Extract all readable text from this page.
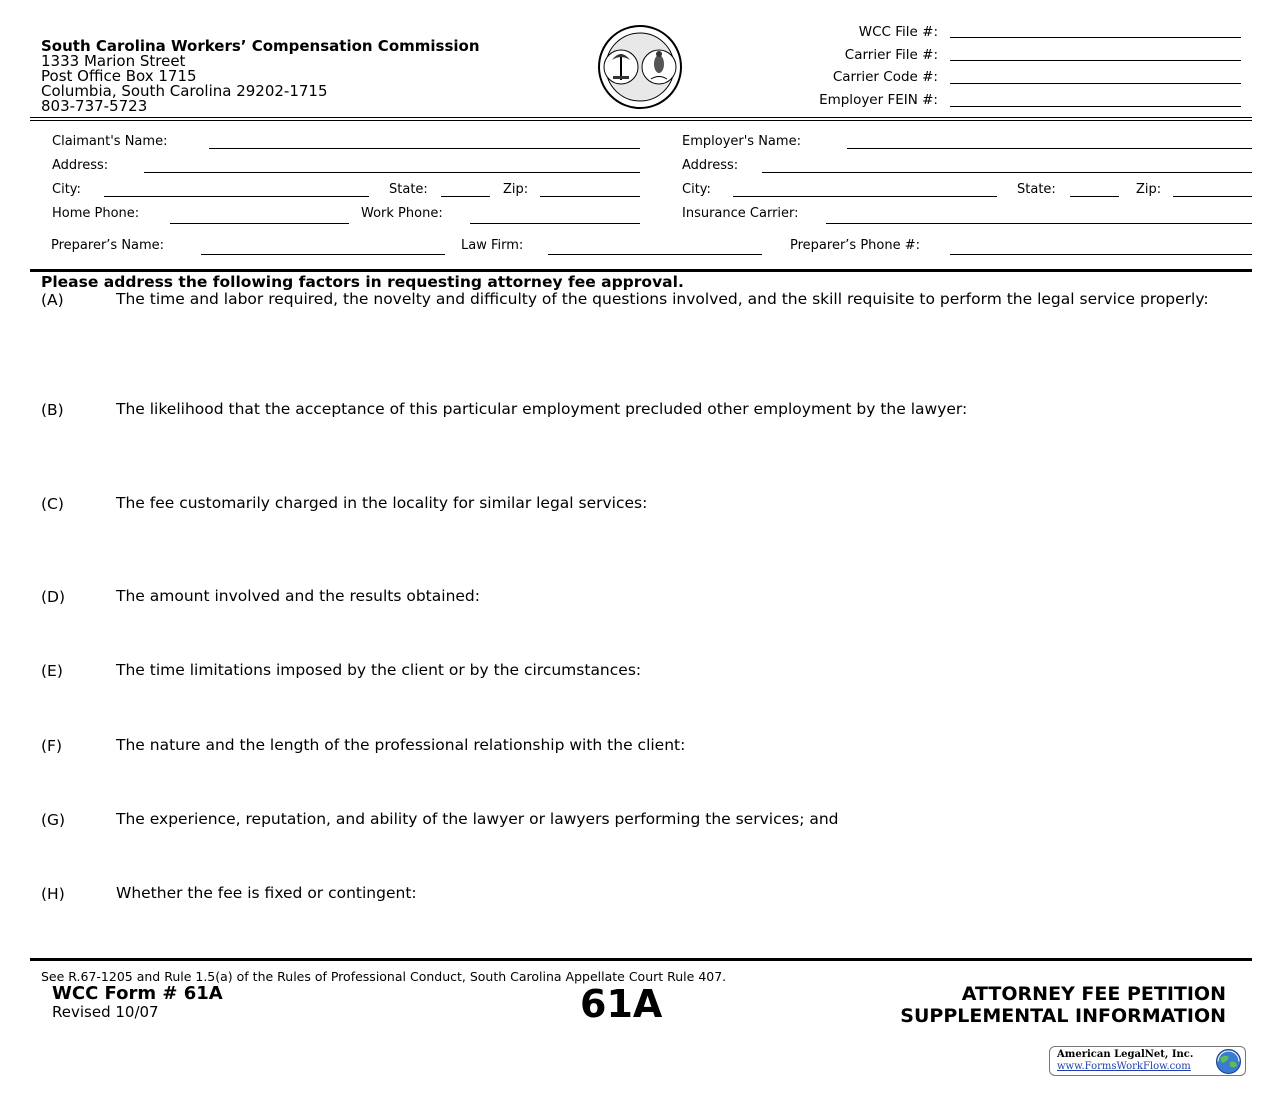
South Carolina Workers’ Compensation Commission
1333 Marion Street
Post Office Box 1715
Columbia, South Carolina 29202-1715
803-737-5723
WCC File #:
Carrier File #:
Carrier Code #:
Employer FEIN #:
Claimant's Name:
Address:
City:	State:	Zip:
Home Phone:	Work Phone:
Employer's Name:
Address:
City:	State:	Zip:
Insurance Carrier:
Preparer’s Name:	Law Firm:	Preparer’s Phone #:
Please address the following factors in requesting attorney fee approval.
(A)	The time and labor required, the novelty and difficulty of the questions involved, and the skill requisite to perform the legal service properly:
(B)	The likelihood that the acceptance of this particular employment precluded other employment by the lawyer:
(C)	The fee customarily charged in the locality for similar legal services:
(D)	The amount involved and the results obtained:
(E)	The time limitations imposed by the client or by the circumstances:
(F)	The nature and the length of the professional relationship with the client:
(G)	The experience, reputation, and ability of the lawyer or lawyers performing the services; and
(H)	Whether the fee is fixed or contingent:
See R.67-1205 and Rule 1.5(a) of the Rules of Professional Conduct, South Carolina Appellate Court Rule 407.
WCC Form # 61A
Revised 10/07	61A	ATTORNEY FEE PETITION
SUPPLEMENTAL INFORMATION
American LegalNet, Inc.
www.FormsWorkFlow.com
